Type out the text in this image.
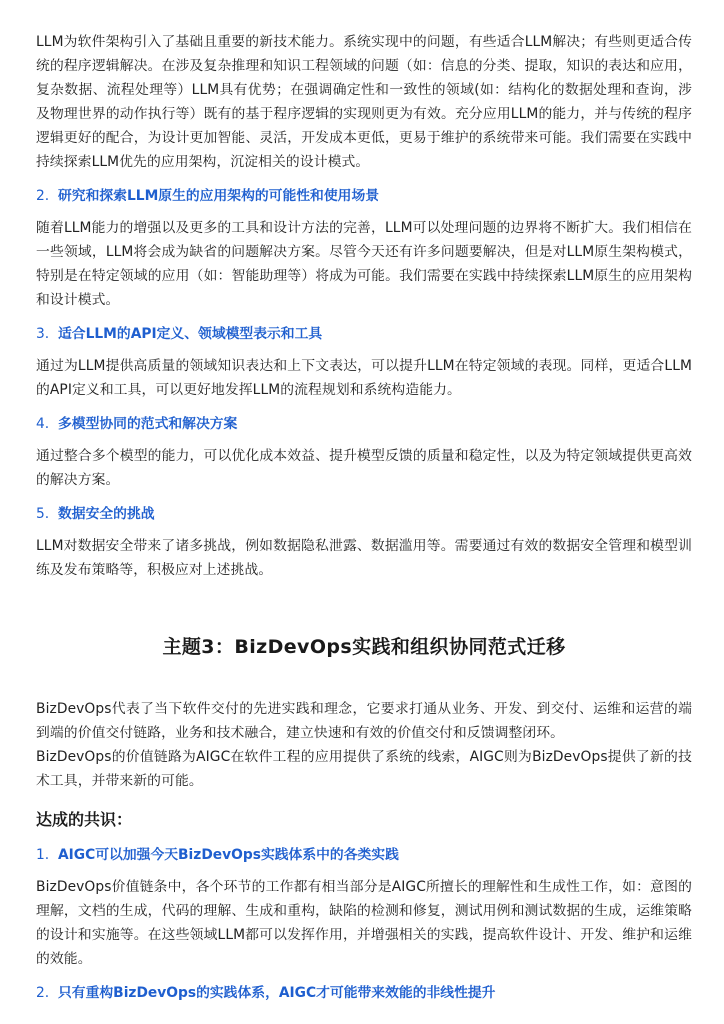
LLM为软件架构引入了基础且重要的新技术能力。系统实现中的问题，有些适合LLM解决；有些则更适合传统的程序逻辑解决。在涉及复杂推理和知识工程领域的问题（如：信息的分类、提取，知识的表达和应用，复杂数据、流程处理等）LLM具有优势；在强调确定性和一致性的领域(如：结构化的数据处理和查询，涉及物理世界的动作执行等）既有的基于程序逻辑的实现则更为有效。充分应用LLM的能力，并与传统的程序逻辑更好的配合，为设计更加智能、灵活，开发成本更低，更易于维护的系统带来可能。我们需要在实践中持续探索LLM优先的应用架构，沉淀相关的设计模式。

2. 研究和探索LLM原生的应用架构的可能性和使用场景

随着LLM能力的增强以及更多的工具和设计方法的完善，LLM可以处理问题的边界将不断扩大。我们相信在一些领域，LLM将会成为缺省的问题解决方案。尽管今天还有许多问题要解决，但是对LLM原生架构模式，特别是在特定领域的应用（如：智能助理等）将成为可能。我们需要在实践中持续探索LLM原生的应用架构和设计模式。

3. 适合LLM的API定义、领域模型表示和工具

通过为LLM提供高质量的领域知识表达和上下文表达，可以提升LLM在特定领域的表现。同样，更适合LLM的API定义和工具，可以更好地发挥LLM的流程规划和系统构造能力。

4. 多模型协同的范式和解决方案

通过整合多个模型的能力，可以优化成本效益、提升模型反馈的质量和稳定性，以及为特定领域提供更高效的解决方案。

5. 数据安全的挑战

LLM对数据安全带来了诸多挑战，例如数据隐私泄露、数据滥用等。需要通过有效的数据安全管理和模型训练及发布策略等，积极应对上述挑战。

主题3：BizDevOps实践和组织协同范式迁移

BizDevOps代表了当下软件交付的先进实践和理念，它要求打通从业务、开发、到交付、运维和运营的端到端的价值交付链路，业务和技术融合，建立快速和有效的价值交付和反馈调整闭环。

BizDevOps的价值链路为AIGC在软件工程的应用提供了系统的线索，AIGC则为BizDevOps提供了新的技术工具，并带来新的可能。

达成的共识：
1. AIGC可以加强今天BizDevOps实践体系中的各类实践

BizDevOps价值链条中，各个环节的工作都有相当部分是AIGC所擅长的理解性和生成性工作，如：意图的理解，文档的生成，代码的理解、生成和重构，缺陷的检测和修复，测试用例和测试数据的生成，运维策略的设计和实施等。在这些领域LLM都可以发挥作用，并增强相关的实践，提高软件设计、开发、维护和运维的效能。

2. 只有重构BizDevOps的实践体系，AIGC才可能带来效能的非线性提升
